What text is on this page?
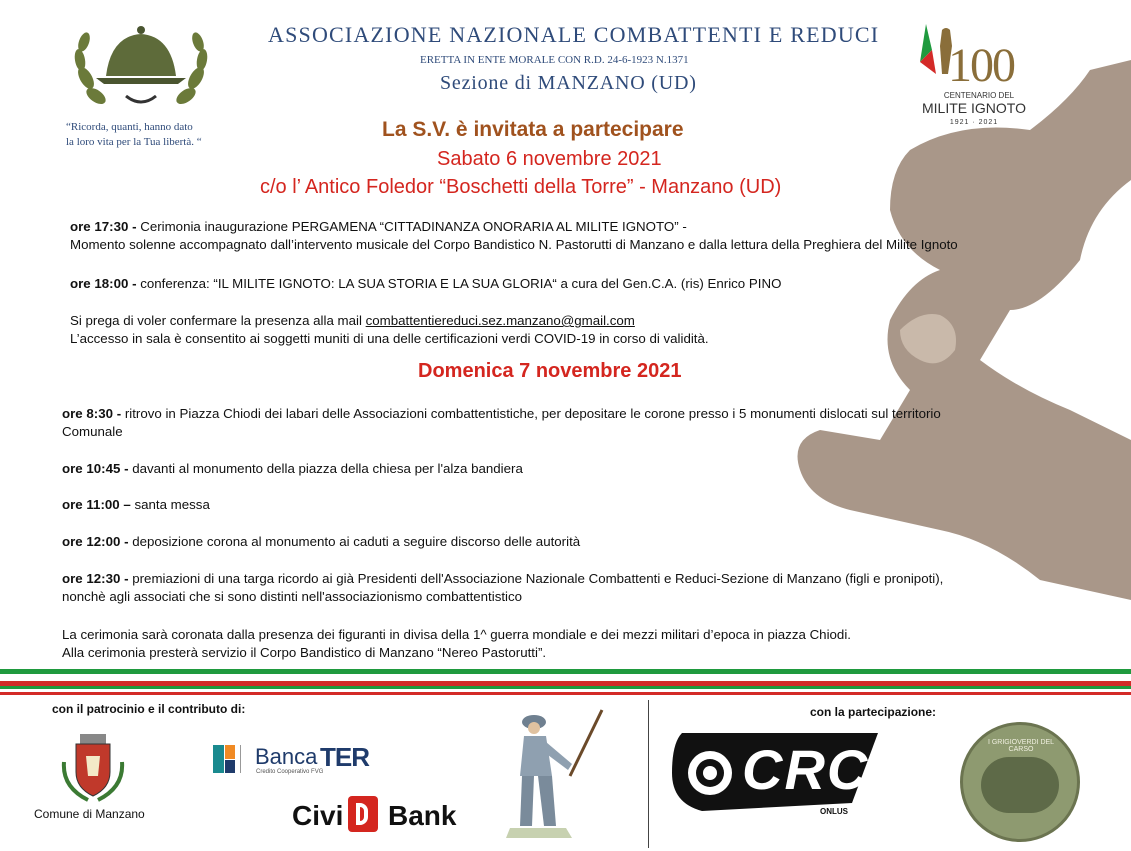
ASSOCIAZIONE NAZIONALE COMBATTENTI E REDUCI
ERETTA IN ENTE MORALE CON R.D. 24-6-1923 N.1371
Sezione di MANZANO (UD)
“Ricorda, quanti, hanno dato
la loro vita per la Tua libertà. “
100
CENTENARIO DEL
MILITE IGNOTO
1921 · 2021
La S.V. è invitata a partecipare
Sabato 6 novembre 2021
c/o l’ Antico Foledor “Boschetti della Torre” - Manzano (UD)
ore 17:30 - Cerimonia inaugurazione PERGAMENA “CITTADINANZA ONORARIA AL MILITE IGNOTO” -
Momento solenne accompagnato dall’intervento musicale del Corpo Bandistico N. Pastorutti di Manzano e dalla lettura della Preghiera del Milite Ignoto
ore 18:00 - conferenza: “IL MILITE IGNOTO: LA SUA STORIA E LA SUA GLORIA“ a cura del Gen.C.A. (ris) Enrico PINO
Si prega di voler confermare la presenza alla mail combattentiereduci.sez.manzano@gmail.com
L’accesso in sala è consentito ai soggetti muniti di una delle certificazioni verdi COVID-19 in corso di validità.
Domenica 7 novembre 2021
ore 8:30 - ritrovo in Piazza Chiodi dei labari delle Associazioni combattentistiche, per depositare le corone presso i 5 monumenti dislocati sul territorio
Comunale
ore 10:45 - davanti al monumento della piazza della chiesa per l'alza bandiera
ore 11:00 – santa messa
ore 12:00 - deposizione corona al monumento ai caduti a seguire discorso delle autorità
ore 12:30 - premiazioni di una targa ricordo ai già Presidenti dell'Associazione Nazionale Combattenti e Reduci-Sezione di Manzano (figli e pronipoti),
nonchè agli associati che si sono distinti nell'associazionismo combattentistico
La cerimonia sarà coronata dalla presenza dei figuranti in divisa della 1^ guerra mondiale e dei mezzi militari d’epoca in piazza Chiodi.
Alla cerimonia presterà servizio il Corpo Bandistico di Manzano “Nereo Pastorutti”.
con il patrocinio e il contributo di:
Comune di Manzano
Banca TER
Credito Cooperativo FVG
Civi Bank
con la partecipazione:
CRCS
ONLUS
I GRIGIOVERDI DEL CARSO
